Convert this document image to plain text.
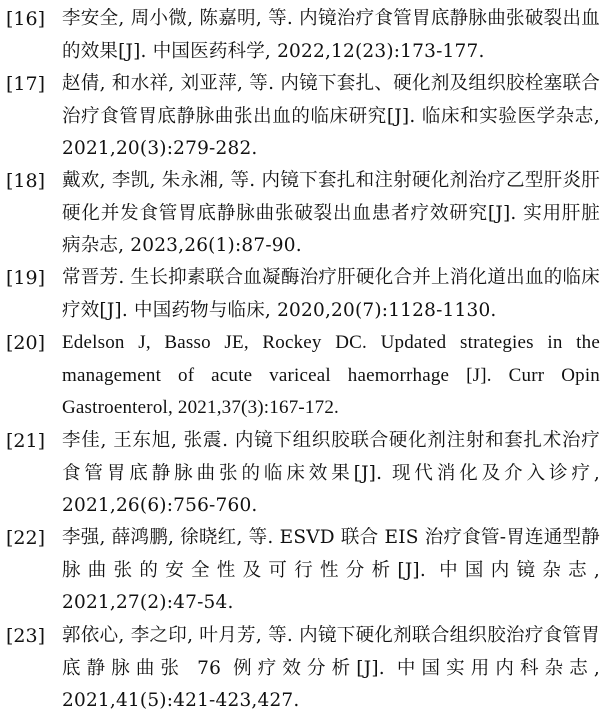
[16] 李安全, 周小微, 陈嘉明, 等. 内镜治疗食管胃底静脉曲张破裂出血的效果[J]. 中国医药科学, 2022,12(23):173-177.
[17] 赵倩, 和水祥, 刘亚萍, 等. 内镜下套扎、硬化剂及组织胶栓塞联合治疗食管胃底静脉曲张出血的临床研究[J]. 临床和实验医学杂志, 2021,20(3):279-282.
[18] 戴欢, 李凯, 朱永湘, 等. 内镜下套扎和注射硬化剂治疗乙型肝炎肝硬化并发食管胃底静脉曲张破裂出血患者疗效研究[J]. 实用肝脏病杂志, 2023,26(1):87-90.
[19] 常晋芳. 生长抑素联合血凝酶治疗肝硬化合并上消化道出血的临床疗效[J]. 中国药物与临床, 2020,20(7):1128-1130.
[20] Edelson J, Basso JE, Rockey DC. Updated strategies in the management of acute variceal haemorrhage [J]. Curr Opin Gastroenterol, 2021,37(3):167-172.
[21] 李佳, 王东旭, 张震. 内镜下组织胶联合硬化剂注射和套扎术治疗食管胃底静脉曲张的临床效果[J]. 现代消化及介入诊疗, 2021,26(6):756-760.
[22] 李强, 薛鸿鹏, 徐晓红, 等. ESVD 联合 EIS 治疗食管-胃连通型静脉曲张的安全性及可行性分析[J]. 中国内镜杂志, 2021,27(2):47-54.
[23] 郭依心, 李之印, 叶月芳, 等. 内镜下硬化剂联合组织胶治疗食管胃底静脉曲张 76 例疗效分析[J]. 中国实用内科杂志, 2021,41(5):421-423,427.
